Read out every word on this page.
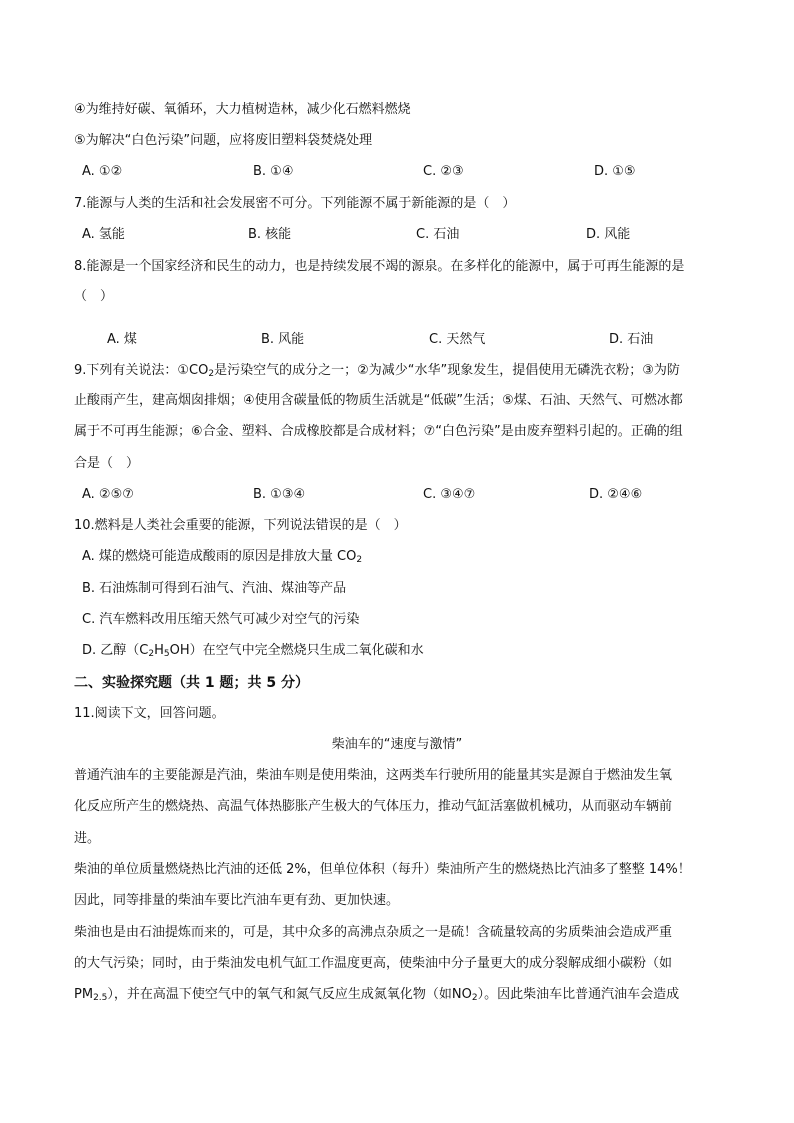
④为维持好碳、氧循环，大力植树造林，减少化石燃料燃烧
⑤为解决“白色污染”问题，应将废旧塑料袋焚烧处理
A. ①②	B. ①④	C. ②③	D. ①⑤
7.能源与人类的生活和社会发展密不可分。下列能源不属于新能源的是（　）
A. 氢能	B. 核能	C. 石油	D. 风能
8.能源是一个国家经济和民生的动力，也是持续发展不竭的源泉。在多样化的能源中，属于可再生能源的是
（　）
A. 煤	B. 风能	C. 天然气	D. 石油
9.下列有关说法：$①CO_2$是污染空气的成分之一；②为减少“水华”现象发生，提倡使用无磷洗衣粉；③为防
止酸雨产生，建高烟囱排烟；④使用含碳量低的物质生活就是“低碳”生活；⑤煤、石油、天然气、可燃冰都
属于不可再生能源；⑥合金、塑料、合成橡胶都是合成材料；⑦“白色污染”是由废弃塑料引起的。正确的组
合是（　）
A. ②⑤⑦	B. ①③④	C. ③④⑦	D. ②④⑥
10.燃料是人类社会重要的能源，下列说法错误的是（　）
A. 煤的燃烧可能造成酸雨的原因是排放大量 $CO_2$
B. 石油炼制可得到石油气、汽油、煤油等产品
C. 汽车燃料改用压缩天然气可减少对空气的污染
D. 乙醇$(C_2H_5OH)$在空气中完全燃烧只生成二氧化碳和水
二、实验探究题（共 1 题；共 5 分）
11.阅读下文，回答问题。
柴油车的“速度与激情”
普通汽油车的主要能源是汽油，柴油车则是使用柴油，这两类车行驶所用的能量其实是源自于燃油发生氧
化反应所产生的燃烧热、高温气体热膨胀产生极大的气体压力，推动气缸活塞做机械功，从而驱动车辆前
进。
柴油的单位质量燃烧热比汽油的还低 2%，但单位体积（每升）柴油所产生的燃烧热比汽油多了整整 14%！
因此，同等排量的柴油车要比汽油车更有劲、更加快速。
柴油也是由石油提炼而来的，可是，其中众多的高沸点杂质之一是硫！含硫量较高的劣质柴油会造成严重
的大气污染；同时，由于柴油发电机气缸工作温度更高，使柴油中分子量更大的成分裂解成细小碳粉（如
$PM_{2.5}$），并在高温下使空气中的氧气和氮气反应生成氮氧化物（如$NO_2$）。因此柴油车比普通汽油车会造成
